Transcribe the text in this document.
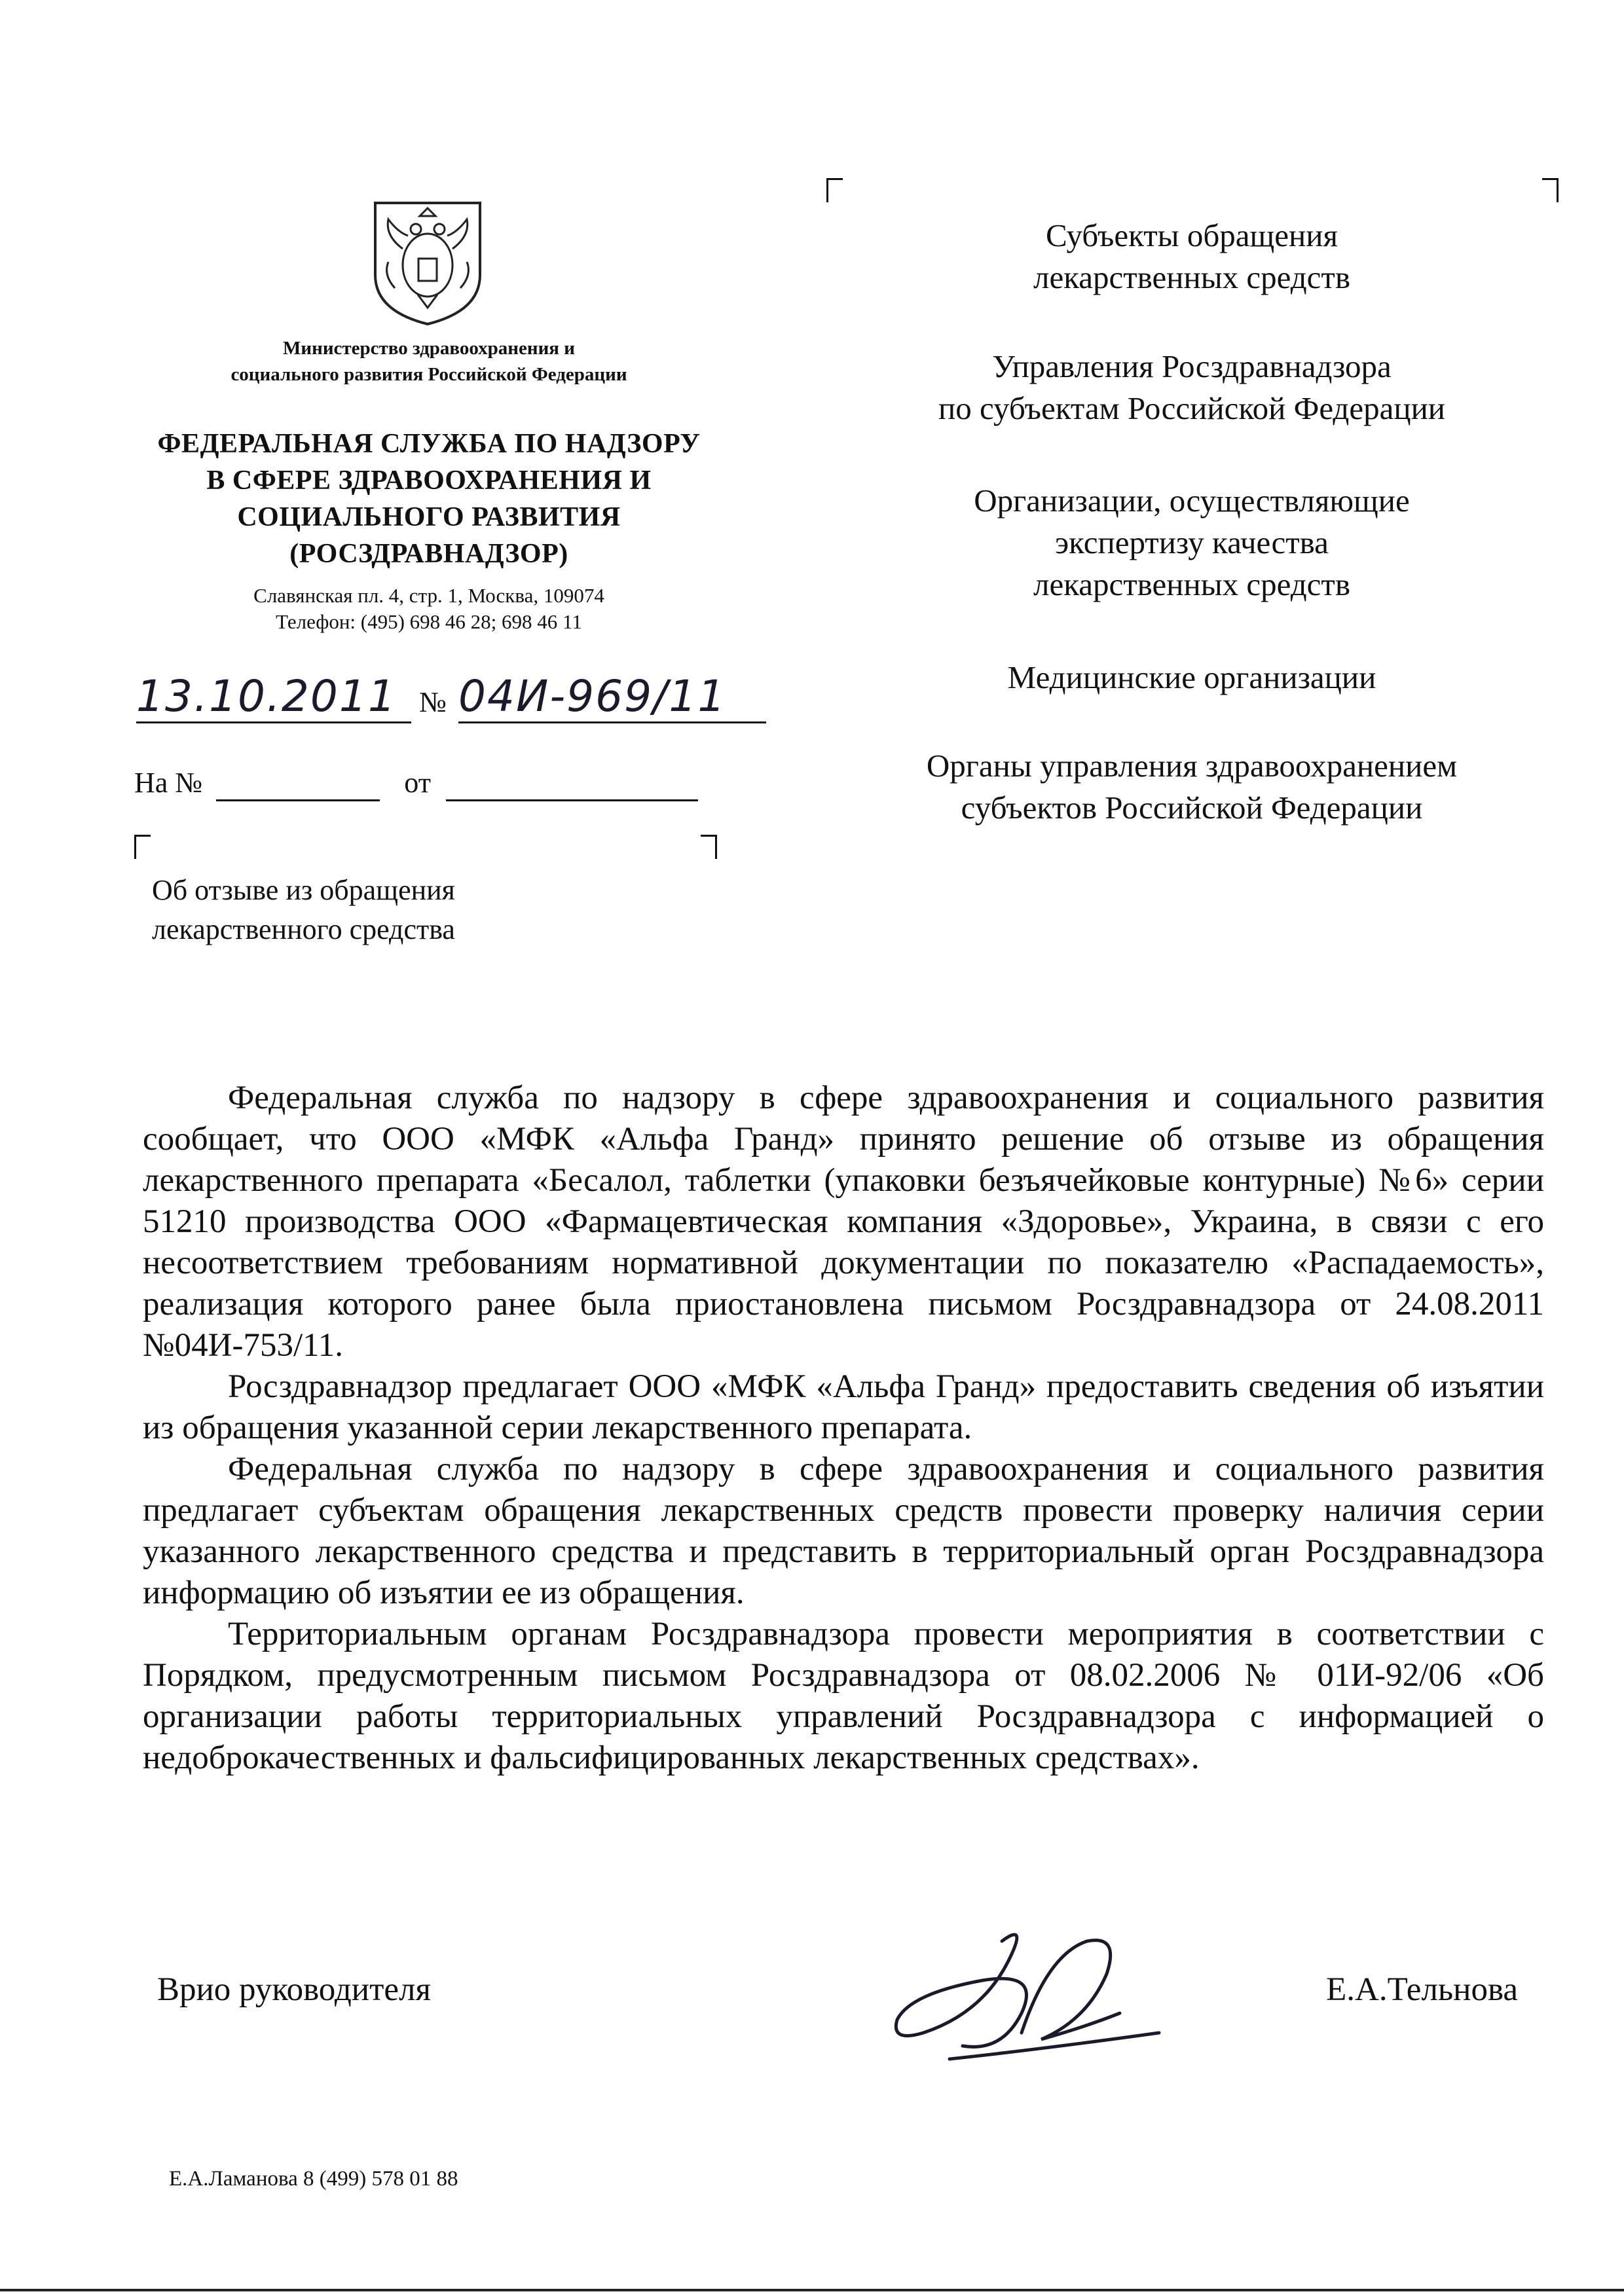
Министерство здравоохранения и
социального развития Российской Федерации
ФЕДЕРАЛЬНАЯ СЛУЖБА ПО НАДЗОРУ
В СФЕРЕ ЗДРАВООХРАНЕНИЯ И
СОЦИАЛЬНОГО РАЗВИТИЯ
(РОСЗДРАВНАДЗОР)
Славянская пл. 4, стр. 1, Москва, 109074
Телефон: (495) 698 46 28; 698 46 11
13.10.2011 № 04И-969/11
На №	от
Об отзыве из обращения
лекарственного средства
Субъекты обращения
лекарственных средств
Управления Росздравнадзора
по субъектам Российской Федерации
Организации, осуществляющие
экспертизу качества
лекарственных средств
Медицинские организации
Органы управления здравоохранением
субъектов Российской Федерации

Федеральная служба по надзору в сфере здравоохранения и социального развития сообщает, что ООО «МФК «Альфа Гранд» принято решение об отзыве из обращения лекарственного препарата «Бесалол, таблетки (упаковки безъячейковые контурные) №6» серии 51210 производства ООО «Фармацевтическая компания «Здоровье», Украина, в связи с его несоответствием требованиям нормативной документации по показателю «Распадаемость», реализация которого ранее была приостановлена письмом Росздравнадзора от 24.08.2011 №04И-753/11.

Росздравнадзор предлагает ООО «МФК «Альфа Гранд» предоставить сведения об изъятии из обращения указанной серии лекарственного препарата.

Федеральная служба по надзору в сфере здравоохранения и социального развития предлагает субъектам обращения лекарственных средств провести проверку наличия серии указанного лекарственного средства и представить в территориальный орган Росздравнадзора информацию об изъятии ее из обращения.

Территориальным органам Росздравнадзора провести мероприятия в соответствии с Порядком, предусмотренным письмом Росздравнадзора от 08.02.2006 № 01И-92/06 «Об организации работы территориальных управлений Росздравнадзора с информацией о недоброкачественных и фальсифицированных лекарственных средствах».

Врио руководителя	Е.А.Тельнова
Е.А.Ламанова 8 (499) 578 01 88
